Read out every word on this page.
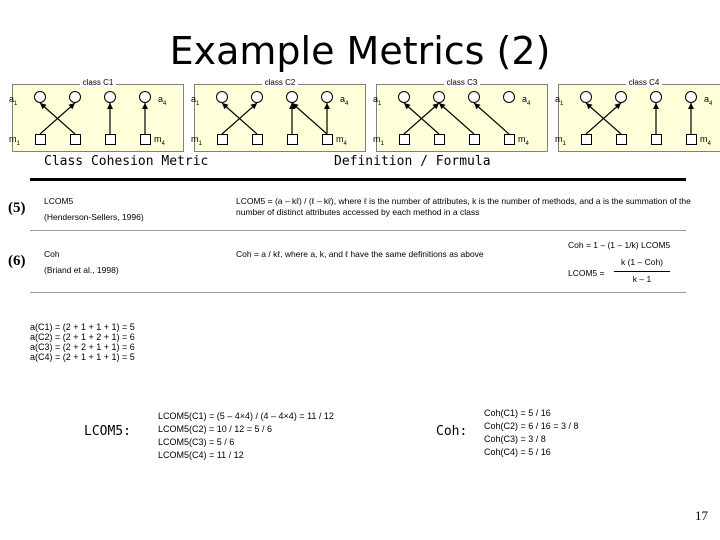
Example Metrics (2)
class C1
$a_1$	$a_4$
$m_1$	$m_4$
class C2
$a_1$	$a_4$
$m_1$	$m_4$
class C3
$a_1$	$a_4$
$m_1$	$m_4$
class C4
$a_1$	$a_4$
$m_1$	$m_4$
Class Cohesion Metric	Definition / Formula
(5) LCOM5
(Henderson-Sellers, 1996)
LCOM5 = (a – kℓ) / (ℓ – kℓ), where ℓ is the number of attributes, k is the number of methods, and a is the summation of the number of distinct attributes accessed by each method in a class
(6) Coh
(Briand et al., 1998)
Coh = a / kℓ, where a, k, and ℓ have the same definitions as above
Coh = 1 – (1 – 1/k) LCOM5
LCOM5 =
k (1 – Coh)
k – 1
a(C1) = (2 + 1 + 1 + 1) = 5
a(C2) = (2 + 1 + 2 + 1) = 6
a(C3) = (2 + 2 + 1 + 1) = 6
a(C4) = (2 + 1 + 1 + 1) = 5
LCOM5:
LCOM5(C1) = (5 – 4×4) / (4 – 4×4) = 11 / 12
LCOM5(C2) = 10 / 12 = 5 / 6
LCOM5(C3) = 5 / 6
LCOM5(C4) = 11 / 12
Coh:
Coh(C1) = 5 / 16
Coh(C2) = 6 / 16 = 3 / 8
Coh(C3) = 3 / 8
Coh(C4) = 5 / 16
17
